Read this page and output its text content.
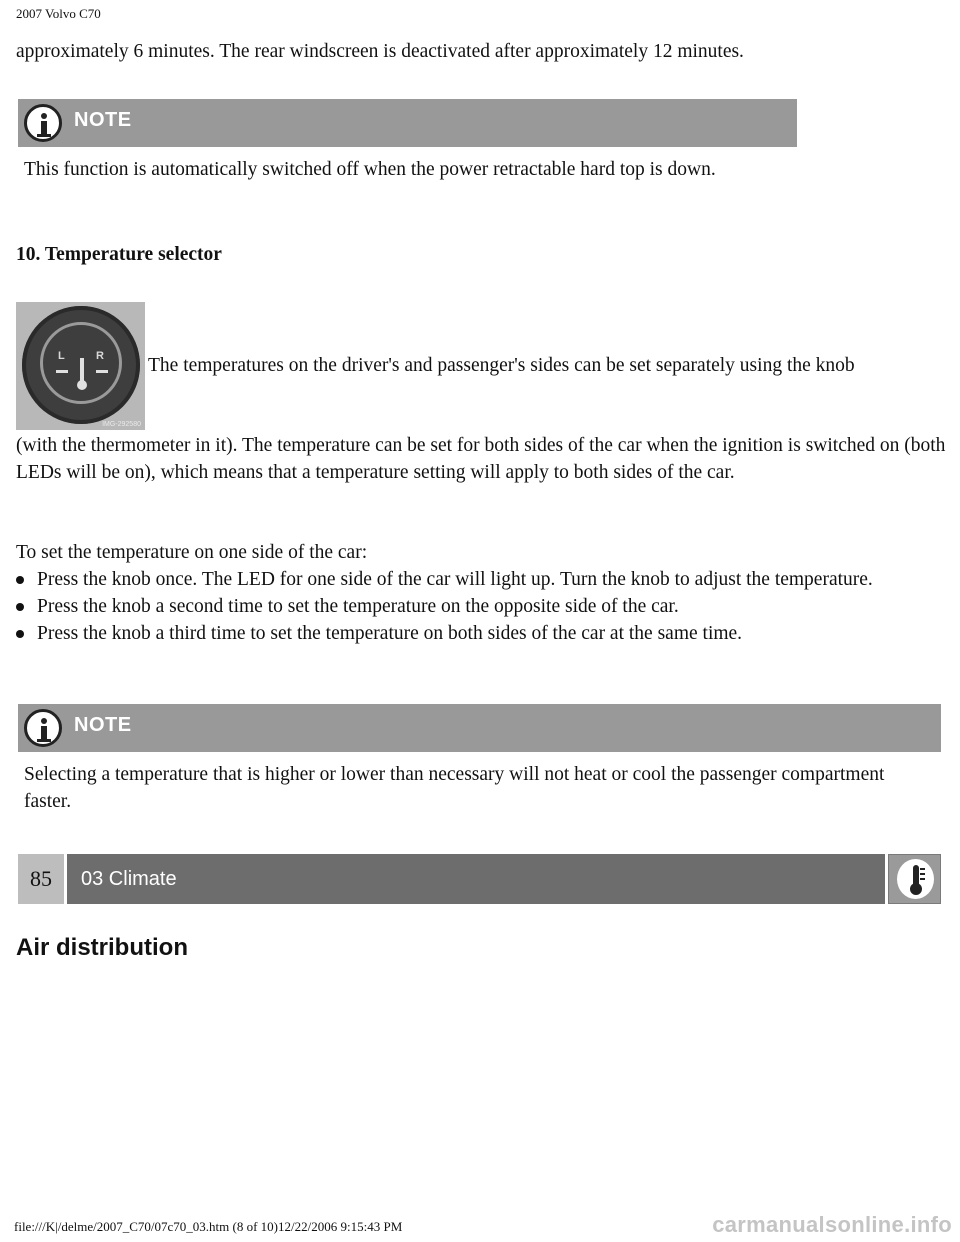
2007 Volvo C70
approximately 6 minutes. The rear windscreen is deactivated after approximately 12 minutes.
NOTE
This function is automatically switched off when the power retractable hard top is down.
10. Temperature selector
L	R
IMG-292580
The temperatures on the driver's and passenger's sides can be set separately using the knob
(with the thermometer in it). The temperature can be set for both sides of the car when the ignition is switched on (both LEDs will be on), which means that a temperature setting will apply to both sides of the car.
To set the temperature on one side of the car:
Press the knob once. The LED for one side of the car will light up. Turn the knob to adjust the temperature.
Press the knob a second time to set the temperature on the opposite side of the car.
Press the knob a third time to set the temperature on both sides of the car at the same time.
NOTE
Selecting a temperature that is higher or lower than necessary will not heat or cool the passenger compartment faster.
85	03 Climate
Air distribution
file:///K|/delme/2007_C70/07c70_03.htm (8 of 10)12/22/2006 9:15:43 PM	carmanualsonline.info
